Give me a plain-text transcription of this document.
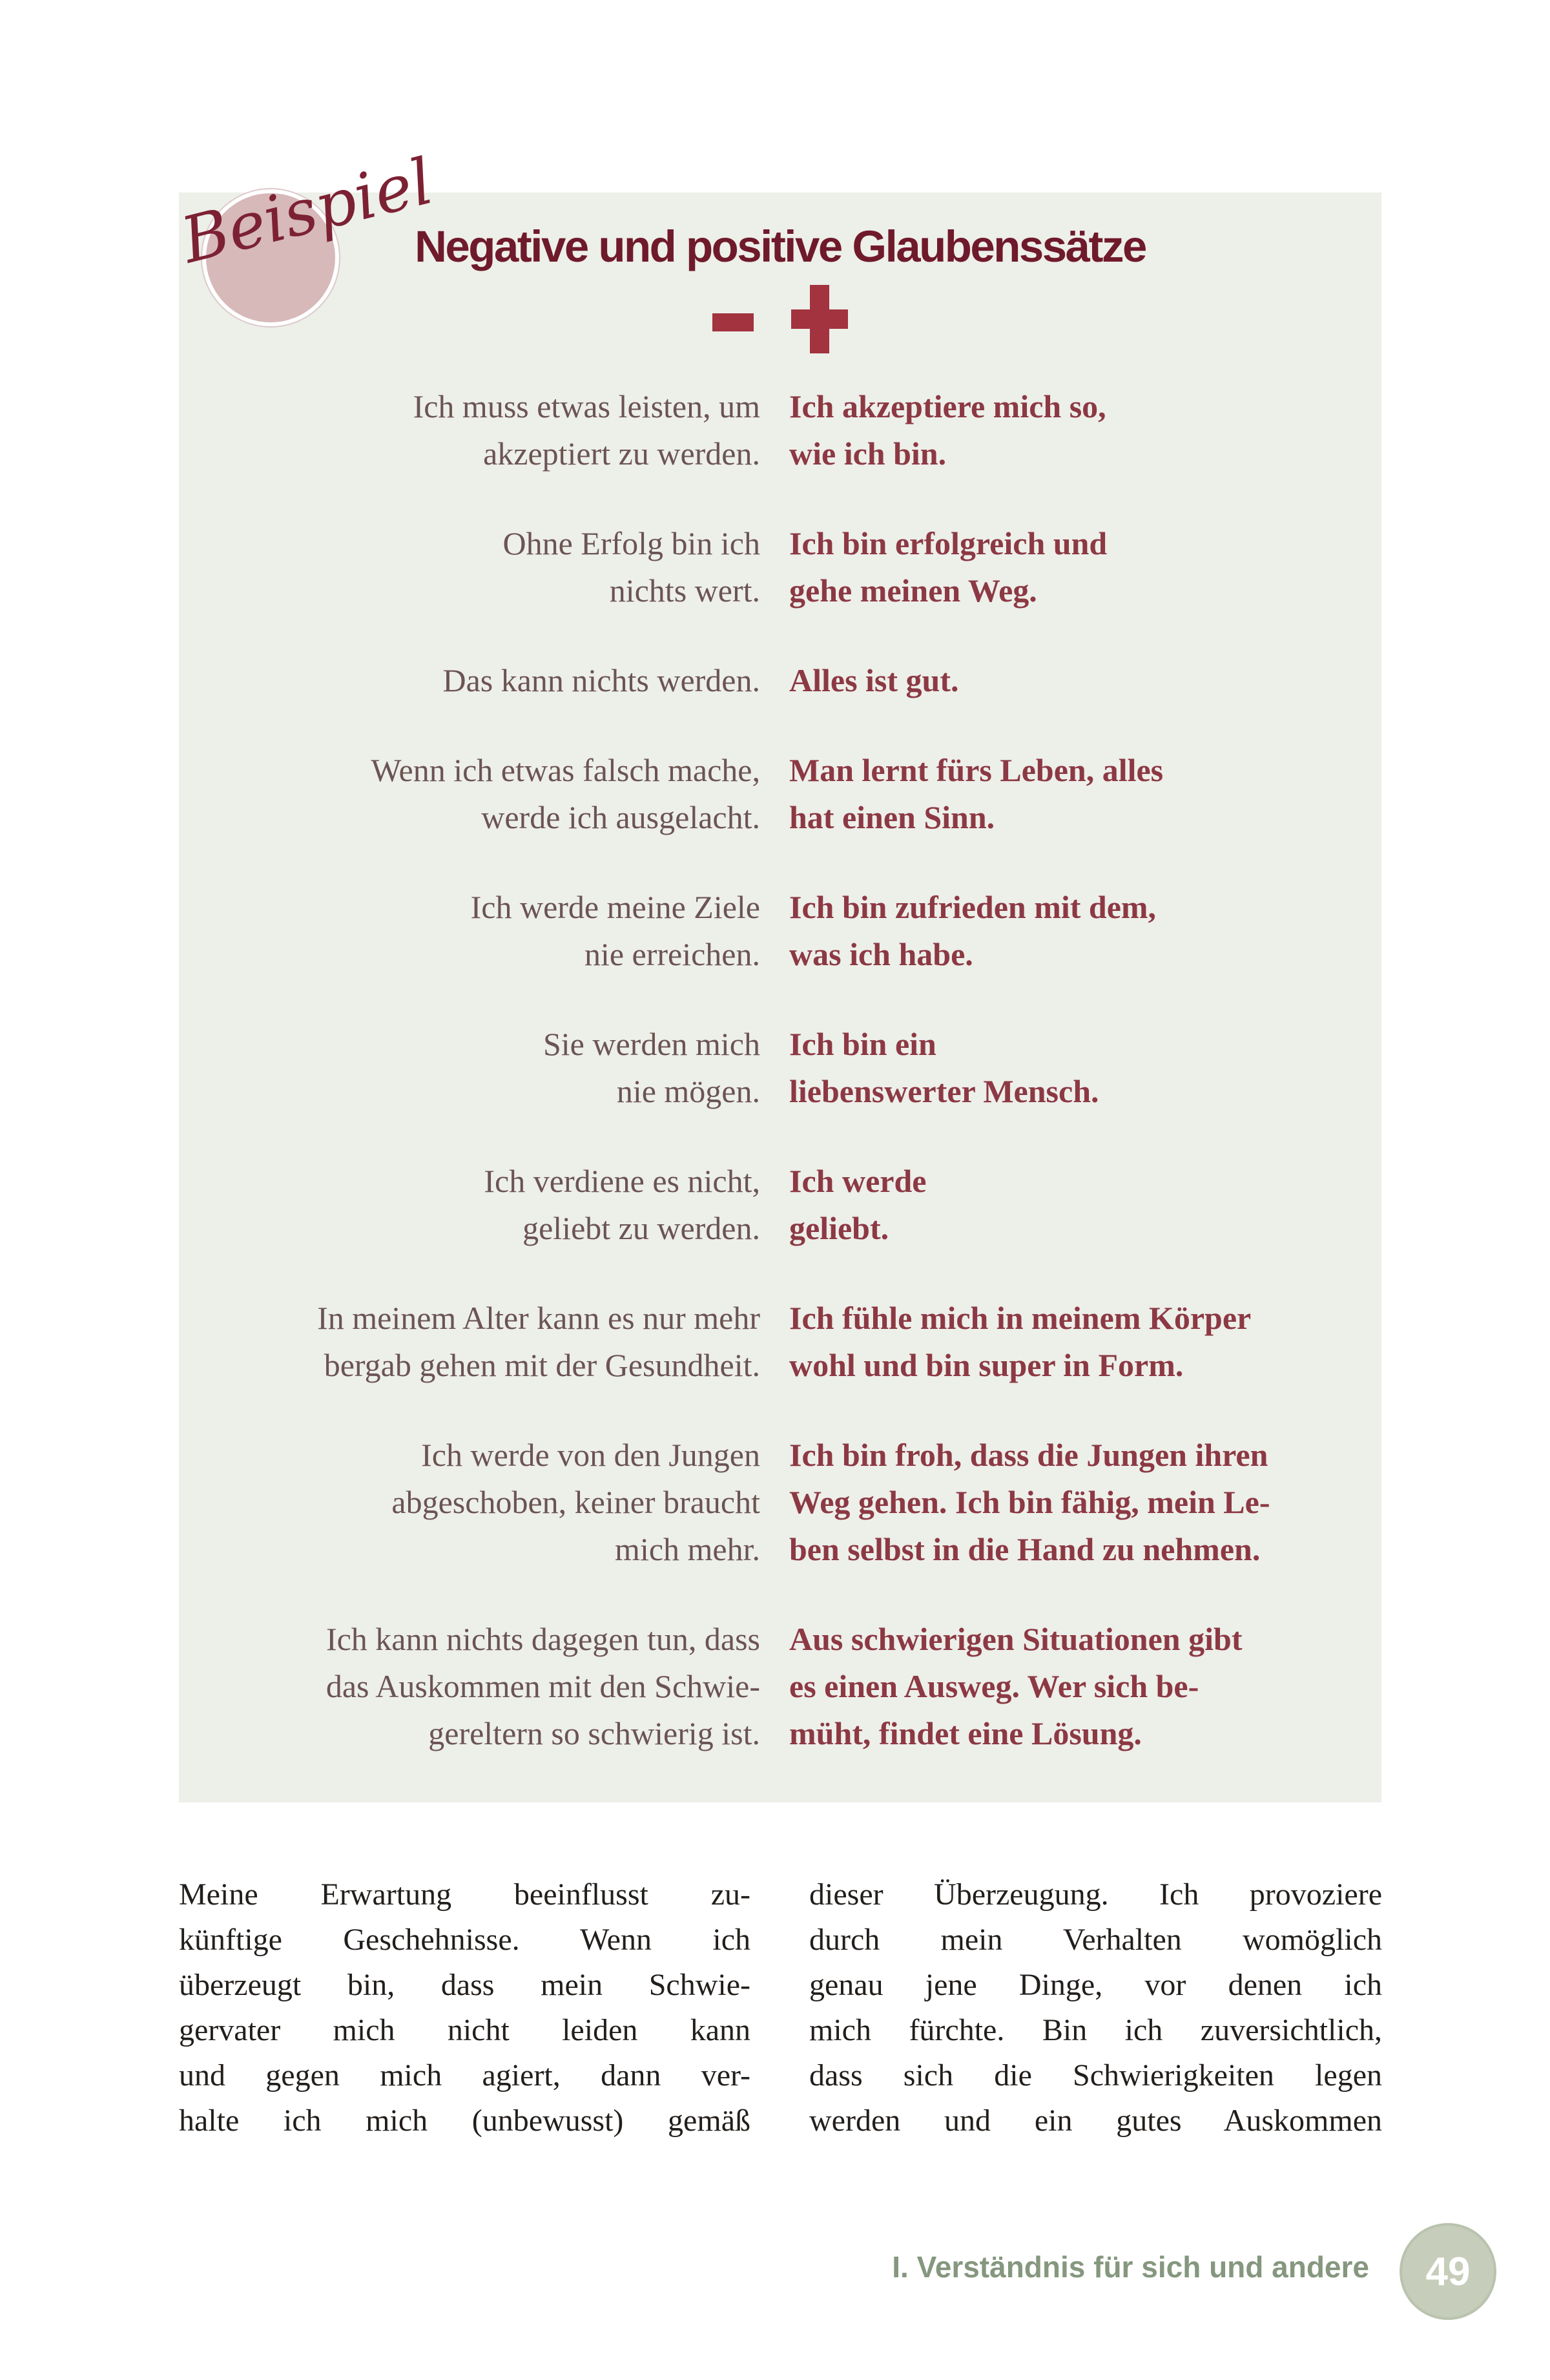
Negative und positive Glaubenssätze
Ich muss etwas leisten, um
akzeptiert zu werden.
Ich akzeptiere mich so,
wie ich bin.
Ohne Erfolg bin ich
nichts wert.
Ich bin erfolgreich und
gehe meinen Weg.
Das kann nichts werden. Alles ist gut.
Wenn ich etwas falsch mache,
werde ich ausgelacht.
Man lernt fürs Leben, alles
hat einen Sinn.
Ich werde meine Ziele
nie erreichen.
Ich bin zufrieden mit dem,
was ich habe.
Sie werden mich
nie mögen.
Ich bin ein
liebenswerter Mensch.
Ich verdiene es nicht,
geliebt zu werden.
Ich werde
geliebt.
In meinem Alter kann es nur mehr
bergab gehen mit der Gesundheit.
Ich fühle mich in meinem Körper
wohl und bin super in Form.
Ich werde von den Jungen
abgeschoben, keiner braucht
mich mehr.
Ich bin froh, dass die Jungen ihren
Weg gehen. Ich bin fähig, mein Le-
ben selbst in die Hand zu nehmen.
Ich kann nichts dagegen tun, dass
das Auskommen mit den Schwie-
gereltern so schwierig ist.
Aus schwierigen Situationen gibt
es einen Ausweg. Wer sich be-
müht, findet eine Lösung.
Beispiel
Meine Erwartung beeinflusst zu-
künftige Geschehnisse. Wenn ich
überzeugt bin, dass mein Schwie-
gervater mich nicht leiden kann
und gegen mich agiert, dann ver-
halte ich mich (unbewusst) gemäß
dieser Überzeugung. Ich provoziere
durch mein Verhalten womöglich
genau jene Dinge, vor denen ich
mich fürchte. Bin ich zuversichtlich,
dass sich die Schwierigkeiten legen
werden und ein gutes Auskommen
I. Verständnis für sich und andere 49
